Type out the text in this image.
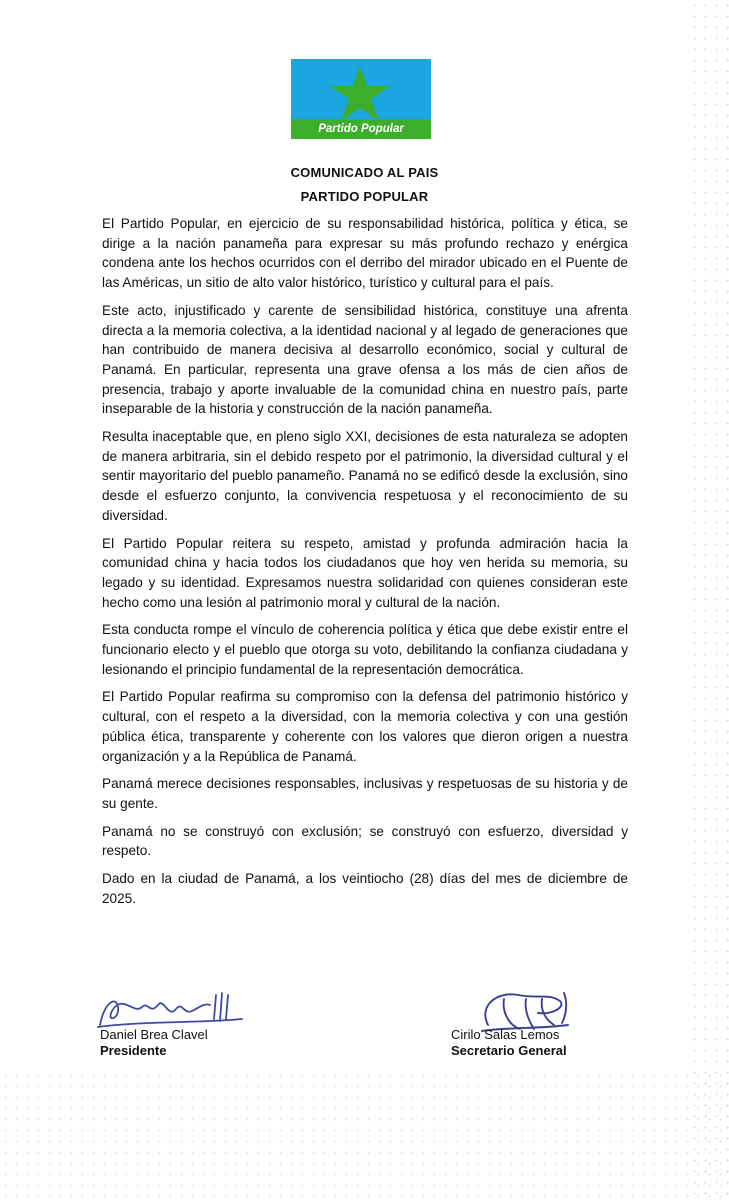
Partido Popular
COMUNICADO AL PAIS
PARTIDO POPULAR

El Partido Popular, en ejercicio de su responsabilidad histórica, política y ética, se dirige a la nación panameña para expresar su más profundo rechazo y enérgica condena ante los hechos ocurridos con el derribo del mirador ubicado en el Puente de las Américas, un sitio de alto valor histórico, turístico y cultural para el país.

Este acto, injustificado y carente de sensibilidad histórica, constituye una afrenta directa a la memoria colectiva, a la identidad nacional y al legado de generaciones que han contribuido de manera decisiva al desarrollo económico, social y cultural de Panamá. En particular, representa una grave ofensa a los más de cien años de presencia, trabajo y aporte invaluable de la comunidad china en nuestro país, parte inseparable de la historia y construcción de la nación panameña.

Resulta inaceptable que, en pleno siglo XXI, decisiones de esta naturaleza se adopten de manera arbitraria, sin el debido respeto por el patrimonio, la diversidad cultural y el sentir mayoritario del pueblo panameño. Panamá no se edificó desde la exclusión, sino desde el esfuerzo conjunto, la convivencia respetuosa y el reconocimiento de su diversidad.

El Partido Popular reitera su respeto, amistad y profunda admiración hacia la comunidad china y hacia todos los ciudadanos que hoy ven herida su memoria, su legado y su identidad. Expresamos nuestra solidaridad con quienes consideran este hecho como una lesión al patrimonio moral y cultural de la nación.

Esta conducta rompe el vínculo de coherencia política y ética que debe existir entre el funcionario electo y el pueblo que otorga su voto, debilitando la confianza ciudadana y lesionando el principio fundamental de la representación democrática.

El Partido Popular reafirma su compromiso con la defensa del patrimonio histórico y cultural, con el respeto a la diversidad, con la memoria colectiva y con una gestión pública ética, transparente y coherente con los valores que dieron origen a nuestra organización y a la República de Panamá.

Panamá merece decisiones responsables, inclusivas y respetuosas de su historia y de su gente.

Panamá no se construyó con exclusión; se construyó con esfuerzo, diversidad y respeto.

Dado en la ciudad de Panamá, a los veintiocho (28) días del mes de diciembre de 2025.

Daniel Brea Clavel
Presidente
Cirilo Salas Lemos
Secretario General
